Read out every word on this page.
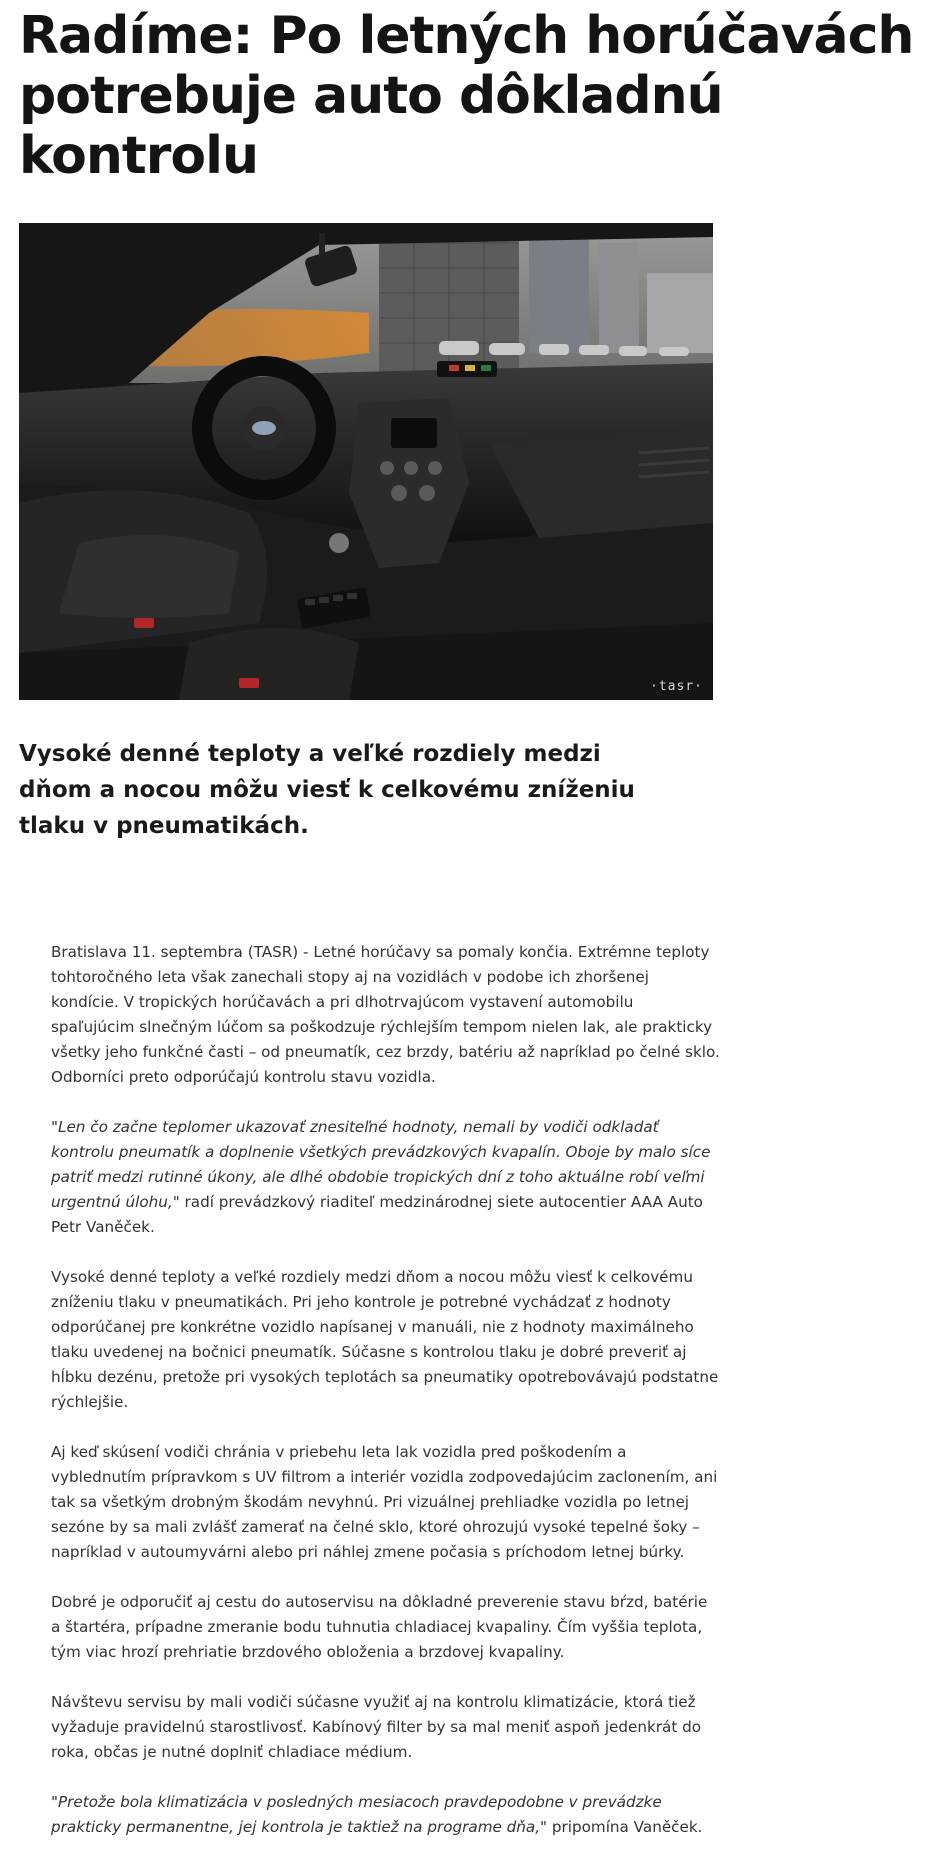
Radíme: Po letných horúčavách potrebuje auto dôkladnú kontrolu
·tasr·
Vysoké denné teploty a veľké rozdiely medzi dňom a nocou môžu viesť k celkovému zníženiu tlaku v pneumatikách.

Bratislava 11. septembra (TASR) - Letné horúčavy sa pomaly končia. Extrémne teploty tohtoročného leta však zanechali stopy aj na vozidlách v podobe ich zhoršenej kondície. V tropických horúčavách a pri dlhotrvajúcom vystavení automobilu spaľujúcim slnečným lúčom sa poškodzuje rýchlejším tempom nielen lak, ale prakticky všetky jeho funkčné časti – od pneumatík, cez brzdy, batériu až napríklad po čelné sklo. Odborníci preto odporúčajú kontrolu stavu vozidla.

"Len čo začne teplomer ukazovať znesiteľné hodnoty, nemali by vodiči odkladať kontrolu pneumatík a doplnenie všetkých prevádzkových kvapalín. Oboje by malo síce patriť medzi rutinné úkony, ale dlhé obdobie tropických dní z toho aktuálne robí veľmi urgentnú úlohu," radí prevádzkový riaditeľ medzinárodnej siete autocentier AAA Auto Petr Vaněček.

Vysoké denné teploty a veľké rozdiely medzi dňom a nocou môžu viesť k celkovému zníženiu tlaku v pneumatikách. Pri jeho kontrole je potrebné vychádzať z hodnoty odporúčanej pre konkrétne vozidlo napísanej v manuáli, nie z hodnoty maximálneho tlaku uvedenej na bočnici pneumatík. Súčasne s kontrolou tlaku je dobré preveriť aj hĺbku dezénu, pretože pri vysokých teplotách sa pneumatiky opotrebovávajú podstatne rýchlejšie.

Aj keď skúsení vodiči chránia v priebehu leta lak vozidla pred poškodením a vyblednutím prípravkom s UV filtrom a interiér vozidla zodpovedajúcim zaclonením, ani tak sa všetkým drobným škodám nevyhnú. Pri vizuálnej prehliadke vozidla po letnej sezóne by sa mali zvlášť zamerať na čelné sklo, ktoré ohrozujú vysoké tepelné šoky – napríklad v autoumyvárni alebo pri náhlej zmene počasia s príchodom letnej búrky.

Dobré je odporučiť aj cestu do autoservisu na dôkladné preverenie stavu bŕzd, batérie a štartéra, prípadne zmeranie bodu tuhnutia chladiacej kvapaliny. Čím vyššia teplota, tým viac hrozí prehriatie brzdového obloženia a brzdovej kvapaliny.

Návštevu servisu by mali vodiči súčasne využiť aj na kontrolu klimatizácie, ktorá tiež vyžaduje pravidelnú starostlivosť. Kabínový filter by sa mal meniť aspoň jedenkrát do roka, občas je nutné doplniť chladiace médium.

"Pretože bola klimatizácia v posledných mesiacoch pravdepodobne v prevádzke prakticky permanentne, jej kontrola je taktiež na programe dňa," pripomína Vaněček.
